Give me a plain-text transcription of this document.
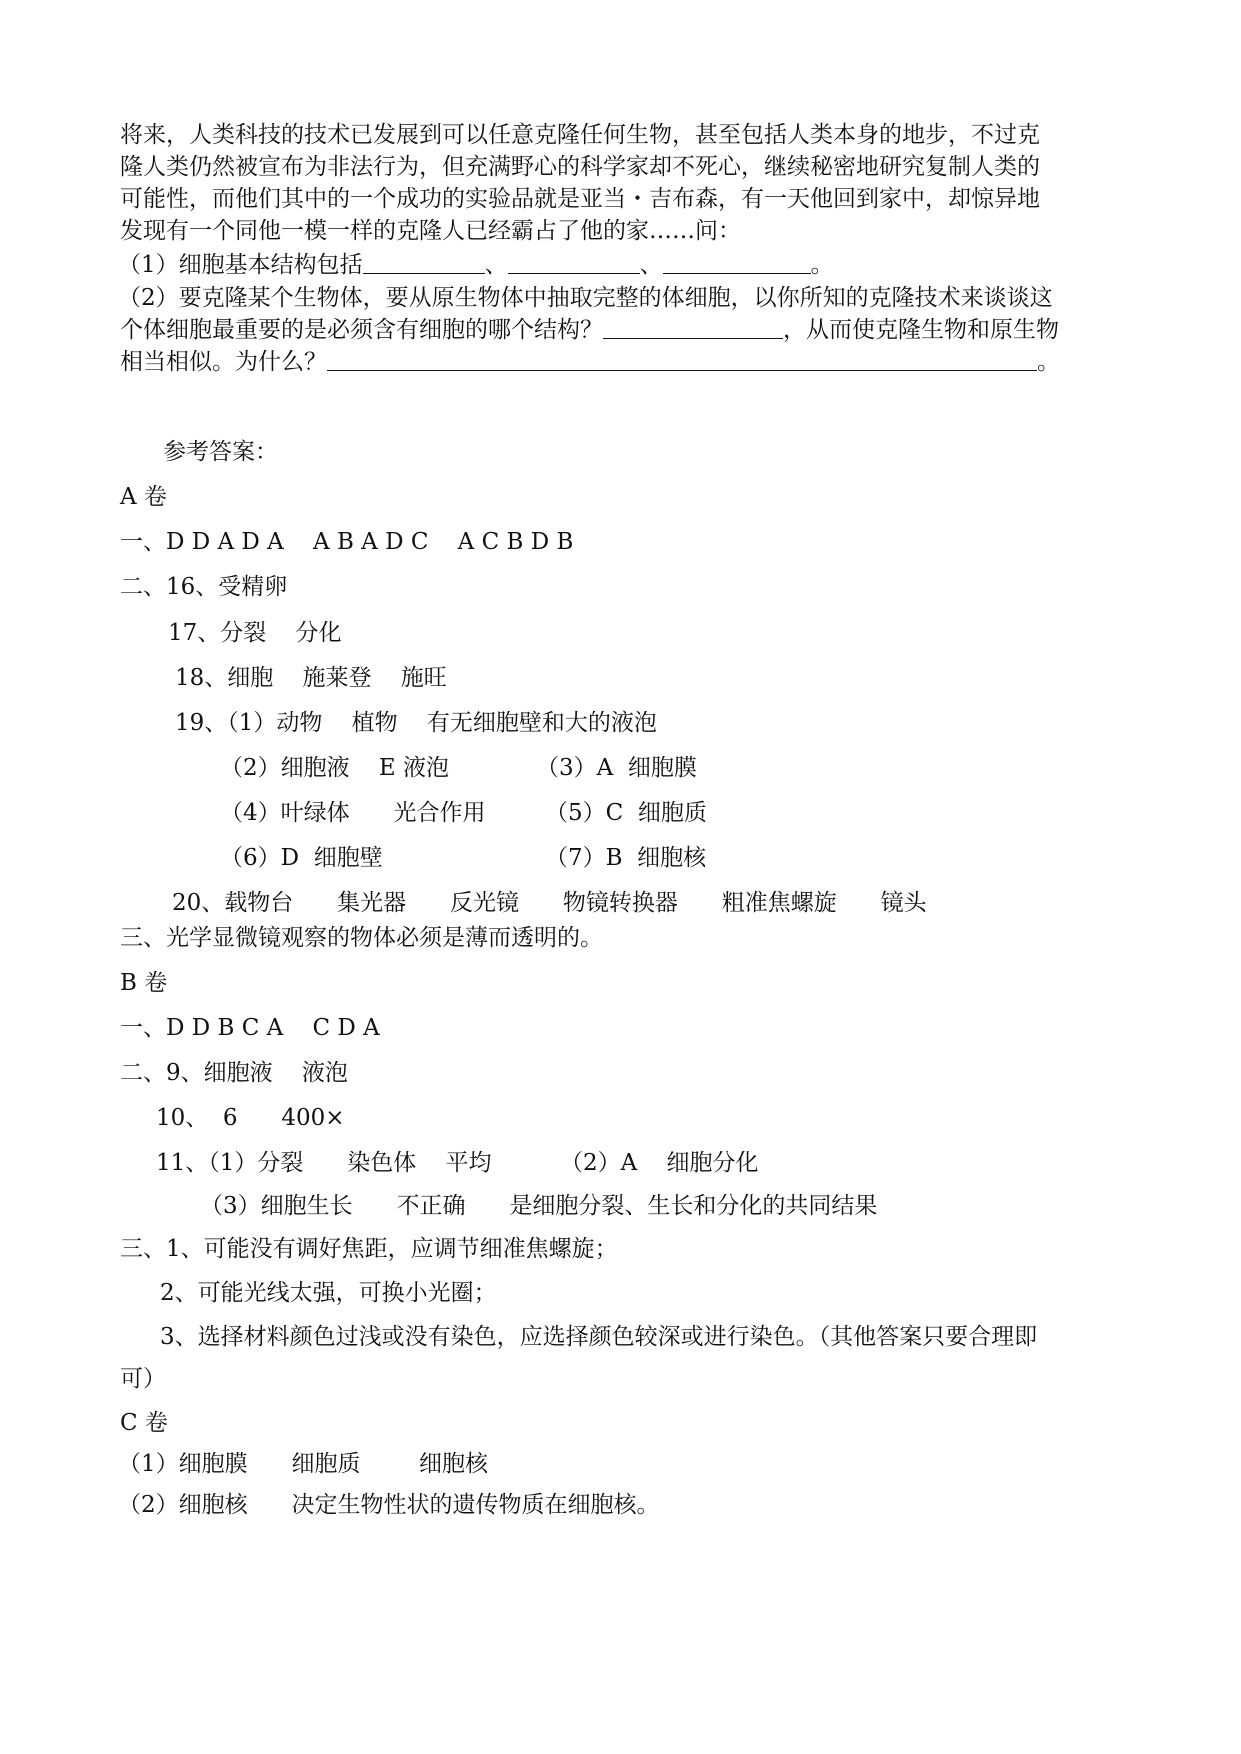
将来，人类科技的技术已发展到可以任意克隆任何生物，甚至包括人类本身的地步，不过克
隆人类仍然被宣布为非法行为，但充满野心的科学家却不死心，继续秘密地研究复制人类的
可能性，而他们其中的一个成功的实验品就是亚当・吉布森，有一天他回到家中，却惊异地
发现有一个同他一模一样的克隆人已经霸占了他的家……问：
（1）细胞基本结构包括	、	、	。
（2）要克隆某个生物体，要从原生物体中抽取完整的体细胞，以你所知的克隆技术来谈谈这
个体细胞最重要的是必须含有细胞的哪个结构？	，从而使克隆生物和原生物
相当相似。为什么？	。
参考答案：
A 卷
一、D D A D A    A B A D C    A C B D B
二、16、受精卵
17、分裂    分化
18、细胞    施莱登    施旺
19、（1）动物    植物    有无细胞壁和大的液泡
（2）细胞液    E 液泡	（3）A  细胞膜
（4）叶绿体      光合作用	（5）C  细胞质
（6）D  细胞壁	（7）B  细胞核
20、载物台      集光器      反光镜      物镜转换器      粗准焦螺旋      镜头
三、光学显微镜观察的物体必须是薄而透明的。
B 卷
一、D D B C A    C D A
二、9、细胞液    液泡
10、  6      400×
11、（1）分裂      染色体    平均	（2）A    细胞分化
（3）细胞生长      不正确      是细胞分裂、生长和分化的共同结果
三、1、可能没有调好焦距，应调节细准焦螺旋；
2、可能光线太强，可换小光圈；
3、选择材料颜色过浅或没有染色，应选择颜色较深或进行染色。（其他答案只要合理即
可）
C 卷
（1）细胞膜      细胞质        细胞核
（2）细胞核      决定生物性状的遗传物质在细胞核。
